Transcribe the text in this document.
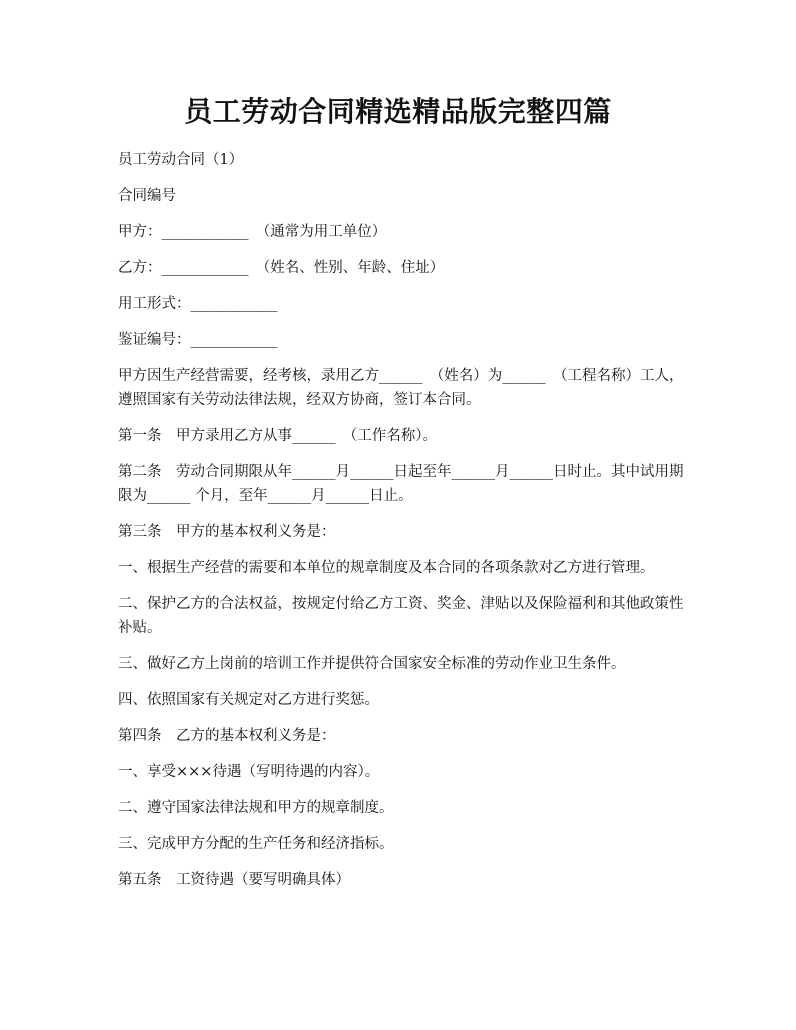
员工劳动合同精选精品版完整四篇

员工劳动合同（1）

合同编号

甲方：____________　（通常为用工单位）

乙方：____________　（姓名、性别、年龄、住址）

用工形式：____________

鉴证编号：____________

甲方因生产经营需要，经考核，录用乙方______　（姓名）为______　（工程名称）工人，遵照国家有关劳动法律法规，经双方协商，签订本合同。

第一条　甲方录用乙方从事______　（工作名称）。

第二条　劳动合同期限从年______月______日起至年______月______日时止。其中试用期限为______ 个月，至年______月______日止。

第三条　甲方的基本权利义务是：

一、根据生产经营的需要和本单位的规章制度及本合同的各项条款对乙方进行管理。

二、保护乙方的合法权益，按规定付给乙方工资、奖金、津贴以及保险福利和其他政策性补贴。

三、做好乙方上岗前的培训工作并提供符合国家安全标准的劳动作业卫生条件。

四、依照国家有关规定对乙方进行奖惩。

第四条　乙方的基本权利义务是：

一、享受×××待遇（写明待遇的内容）。

二、遵守国家法律法规和甲方的规章制度。

三、完成甲方分配的生产任务和经济指标。

第五条　工资待遇（要写明确具体）
